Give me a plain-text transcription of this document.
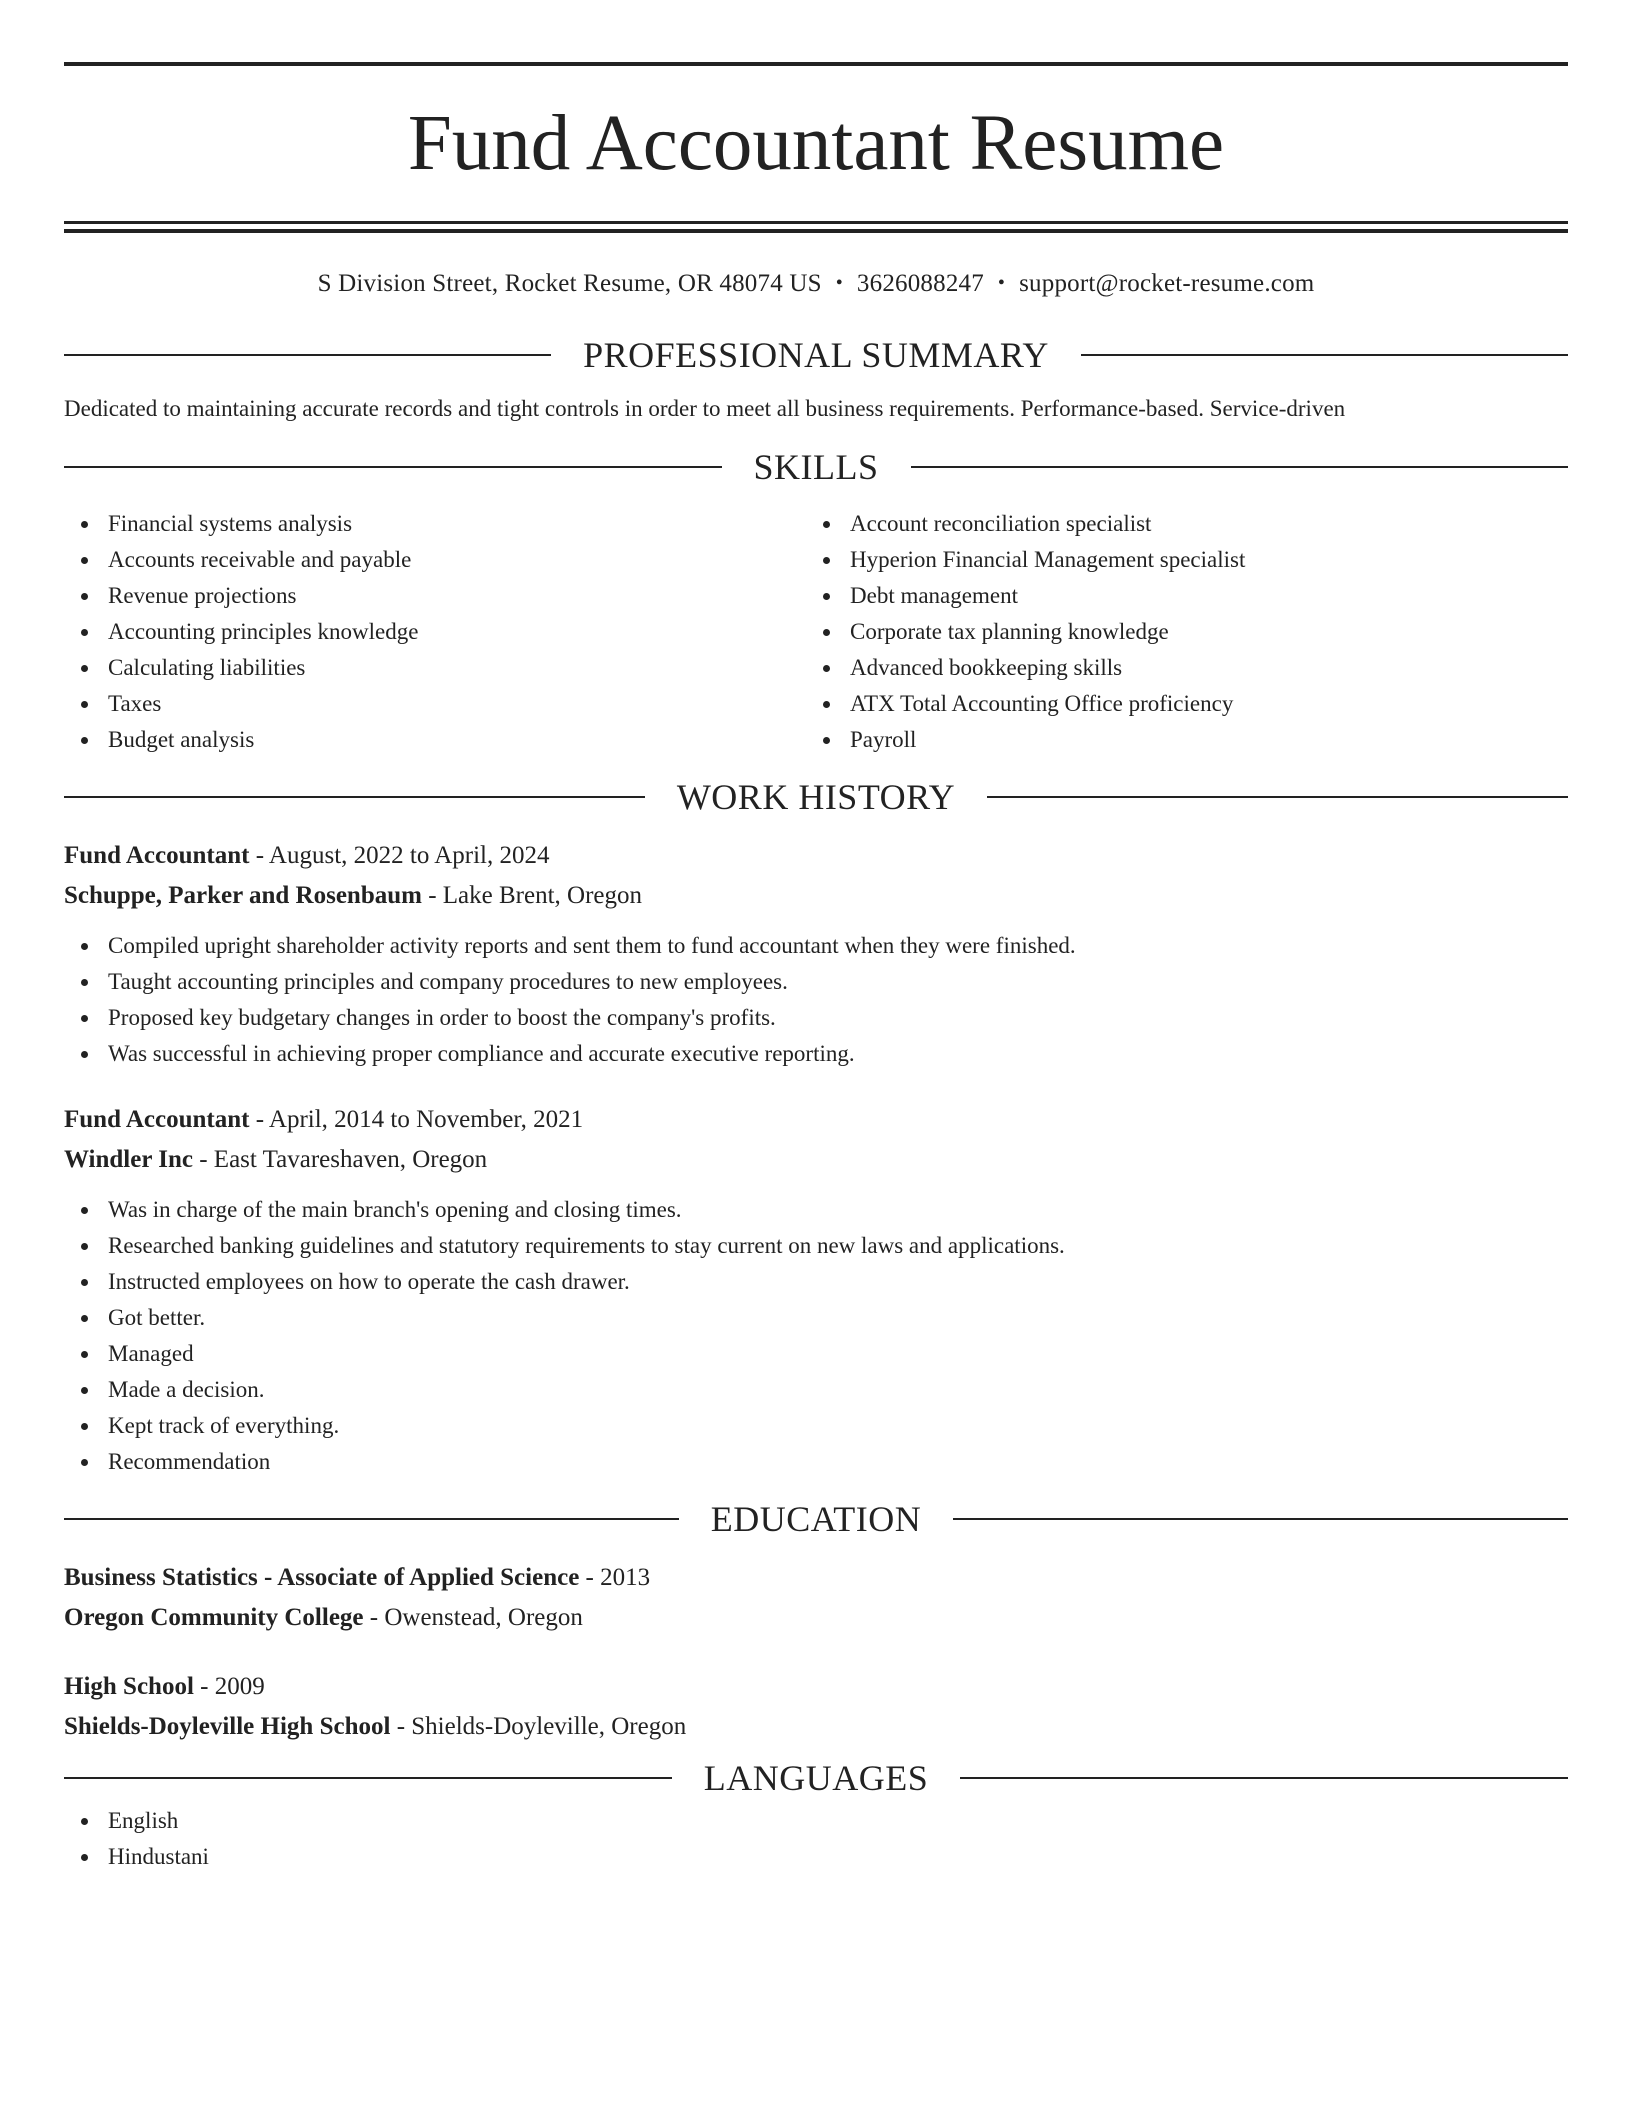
Fund Accountant Resume
S Division Street, Rocket Resume, OR 48074 US • 3626088247 • support@rocket-resume.com
PROFESSIONAL SUMMARY
Dedicated to maintaining accurate records and tight controls in order to meet all business requirements. Performance-based. Service-driven
SKILLS
Financial systems analysis
Accounts receivable and payable
Revenue projections
Accounting principles knowledge
Calculating liabilities
Taxes
Budget analysis
Account reconciliation specialist
Hyperion Financial Management specialist
Debt management
Corporate tax planning knowledge
Advanced bookkeeping skills
ATX Total Accounting Office proficiency
Payroll
WORK HISTORY
Fund Accountant - August, 2022 to April, 2024
Schuppe, Parker and Rosenbaum - Lake Brent, Oregon
Compiled upright shareholder activity reports and sent them to fund accountant when they were finished.
Taught accounting principles and company procedures to new employees.
Proposed key budgetary changes in order to boost the company's profits.
Was successful in achieving proper compliance and accurate executive reporting.
Fund Accountant - April, 2014 to November, 2021
Windler Inc - East Tavareshaven, Oregon
Was in charge of the main branch's opening and closing times.
Researched banking guidelines and statutory requirements to stay current on new laws and applications.
Instructed employees on how to operate the cash drawer.
Got better.
Managed
Made a decision.
Kept track of everything.
Recommendation
EDUCATION
Business Statistics - Associate of Applied Science - 2013
Oregon Community College - Owenstead, Oregon
High School - 2009
Shields-Doyleville High School - Shields-Doyleville, Oregon
LANGUAGES
English
Hindustani
